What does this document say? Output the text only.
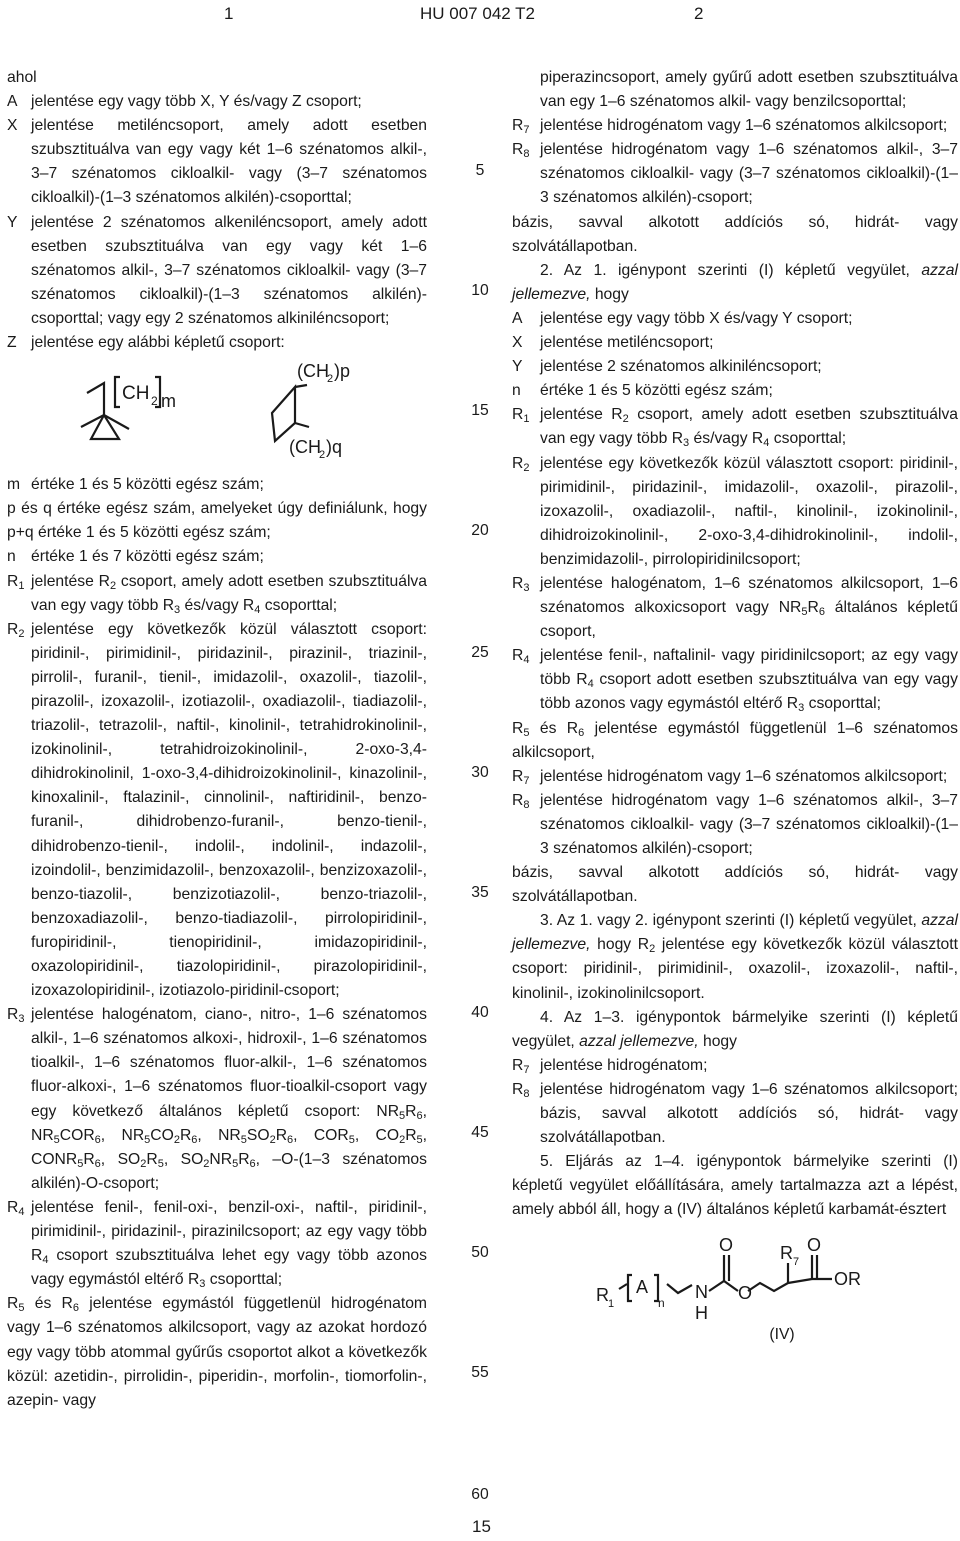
1	HU 007 042 T2	2
5
10
15
20
25
30
35
40
45
50
55
60
ahol
A jelentése egy vagy több X, Y és/vagy Z csoport;
X jelentése metiléncsoport, amely adott esetben szubsztituálva van egy vagy két 1–6 szénatomos alkil-, 3–7 szénatomos cikloalkil- vagy (3–7 szénatomos cikloalkil)-(1–3 szénatomos alkilén)-csoporttal;
Y jelentése 2 szénatomos alkeniléncsoport, amely adott esetben szubsztituálva van egy vagy két 1–6 szénatomos alkil-, 3–7 szénatomos cikloalkil- vagy (3–7 szénatomos cikloalkil)-(1–3 szénatomos alkilén)-csoporttal; vagy egy 2 szénatomos alkiniléncsoport;
Z jelentése egy alábbi képletű csoport:
CH 2 m
(CH
2 )p
(CH
2 )q
m értéke 1 és 5 közötti egész szám;
p és q értéke egész szám, amelyeket úgy definiálunk, hogy p+q értéke 1 és 5 közötti egész szám;
n értéke 1 és 7 közötti egész szám;
$R_1$ jelentése $R_2$ csoport, amely adott esetben szubsztituálva van egy vagy több $R_3$ és/vagy $R_4$ csoporttal;
$R_2$ jelentése egy következők közül választott csoport: piridinil-, pirimidinil-, piridazinil-, pirazinil-, triazinil-, pirrolil-, furanil-, tienil-, imidazolil-, oxazolil-, tiazolil-, pirazolil-, izoxazolil-, izotiazolil-, oxadiazolil-, tiadiazolil-, triazolil-, tetrazolil-, naftil-, kinolinil-, tetrahidrokinolinil-, izokinolinil-, tetrahidroizokinolinil-, 2-oxo-3,4-dihidrokinolinil, 1-oxo-3,4-dihidroizokinolinil-, kinazolinil-, kinoxalinil-, ftalazinil-, cinnolinil-, naftiridinil-, benzo-furanil-, dihidrobenzo-furanil-, benzo-tienil-, dihidrobenzo-tienil-, indolil-, indolinil-, indazolil-, izoindolil-, benzimidazolil-, benzoxazolil-, benzizoxazolil-, benzo-tiazolil-, benzizotiazolil-, benzo-triazolil-, benzoxadiazolil-, benzo-tiadiazolil-, pirrolopiridinil-, furopiridinil-, tienopiridinil-, imidazopiridinil-, oxazolopiridinil-, tiazolopiridinil-, pirazolopiridinil-, izoxazolopiridinil-, izotiazolo-piridinil-csoport;
$R_3$ jelentése halogénatom, ciano-, nitro-, 1–6 szénatomos alkil-, 1–6 szénatomos alkoxi-, hidroxil-, 1–6 szénatomos tioalkil-, 1–6 szénatomos fluor-alkil-, 1–6 szénatomos fluor-alkoxi-, 1–6 szénatomos fluor-tioalkil-csoport vagy egy következő általános képletű csoport: $NR_5R_6$, $NR_5COR_6$, $NR_5CO_2R_6$, $NR_5SO_2R_6$, $COR_5$, $CO_2R_5$, $CONR_5R_6$, $SO_2R_5$, $SO_2NR_5R_6$, –O-(1–3 szénatomos alkilén)-O-csoport;
$R_4$ jelentése fenil-, fenil-oxi-, benzil-oxi-, naftil-, piridinil-, pirimidinil-, piridazinil-, pirazinilcsoport; az egy vagy több $R_4$ csoport szubsztituálva lehet egy vagy több azonos vagy egymástól eltérő $R_3$ csoporttal;
$R_5$ és $R_6$ jelentése egymástól függetlenül hidrogénatom vagy 1–6 szénatomos alkilcsoport, vagy az azokat hordozó egy vagy több atommal gyűrűs csoportot alkot a következők közül: azetidin-, pirrolidin-, piperidin-, morfolin-, tiomorfolin-, azepin- vagy
piperazincsoport, amely gyűrű adott esetben szubsztituálva van egy 1–6 szénatomos alkil- vagy benzilcsoporttal;
$R_7$ jelentése hidrogénatom vagy 1–6 szénatomos alkilcsoport;
$R_8$ jelentése hidrogénatom vagy 1–6 szénatomos alkil-, 3–7 szénatomos cikloalkil- vagy (3–7 szénatomos cikloalkil)-(1–3 szénatomos alkilén)-csoport;
bázis, savval alkotott addíciós só, hidrát- vagy szolvátállapotban.
2. Az 1. igénypont szerinti (I) képletű vegyület, azzal jellemezve, hogy
A	jelentése egy vagy több X és/vagy Y csoport;
X	jelentése metiléncsoport;
Y	jelentése 2 szénatomos alkiniléncsoport;
n	értéke 1 és 5 közötti egész szám;
$R_1$ jelentése $R_2$ csoport, amely adott esetben szubsztituálva van egy vagy több $R_3$ és/vagy $R_4$ csoporttal;
$R_2$ jelentése egy következők közül választott csoport: piridinil-, pirimidinil-, piridazinil-, imidazolil-, oxazolil-, pirazolil-, izoxazolil-, oxadiazolil-, naftil-, kinolinil-, izokinolinil-, dihidroizokinolinil-, 2-oxo-3,4-dihidrokinolinil-, indolil-, benzimidazolil-, pirrolopiridinilcsoport;
$R_3$ jelentése halogénatom, 1–6 szénatomos alkilcsoport, 1–6 szénatomos alkoxicsoport vagy $NR_5R_6$ általános képletű csoport,
$R_4$ jelentése fenil-, naftalinil- vagy piridinilcsoport; az egy vagy több $R_4$ csoport adott esetben szubsztituálva van egy vagy több azonos vagy egymástól eltérő $R_3$ csoporttal;
$R_5$ és $R_6$ jelentése egymástól függetlenül 1–6 szénatomos alkilcsoport,
$R_7$ jelentése hidrogénatom vagy 1–6 szénatomos alkilcsoport;
$R_8$ jelentése hidrogénatom vagy 1–6 szénatomos alkil-, 3–7 szénatomos cikloalkil- vagy (3–7 szénatomos cikloalkil)-(1–3 szénatomos alkilén)-csoport;
bázis, savval alkotott addíciós só, hidrát- vagy szolvátállapotban.
3. Az 1. vagy 2. igénypont szerinti (I) képletű vegyület, azzal jellemezve, hogy $R_2$ jelentése egy következők közül választott csoport: piridinil-, pirimidinil-, oxazolil-, izoxazolil-, naftil-, kinolinil-, izokinolinilcsoport.
4. Az 1–3. igénypontok bármelyike szerinti (I) képletű vegyület, azzal jellemezve, hogy
$R_7$ jelentése hidrogénatom;
$R_8$ jelentése hidrogénatom vagy 1–6 szénatomos alkilcsoport; bázis, savval alkotott addíciós só, hidrát- vagy szolvátállapotban.
5. Eljárás az 1–4. igénypontok bármelyike szerinti (I) képletű vegyület előállítására, amely tartalmazza azt a lépést, amely abból áll, hogy a (IV) általános képletű karbamát-észtert
R 1
A
n
N
H
O
O
R 7
O
OR
(IV)
15
